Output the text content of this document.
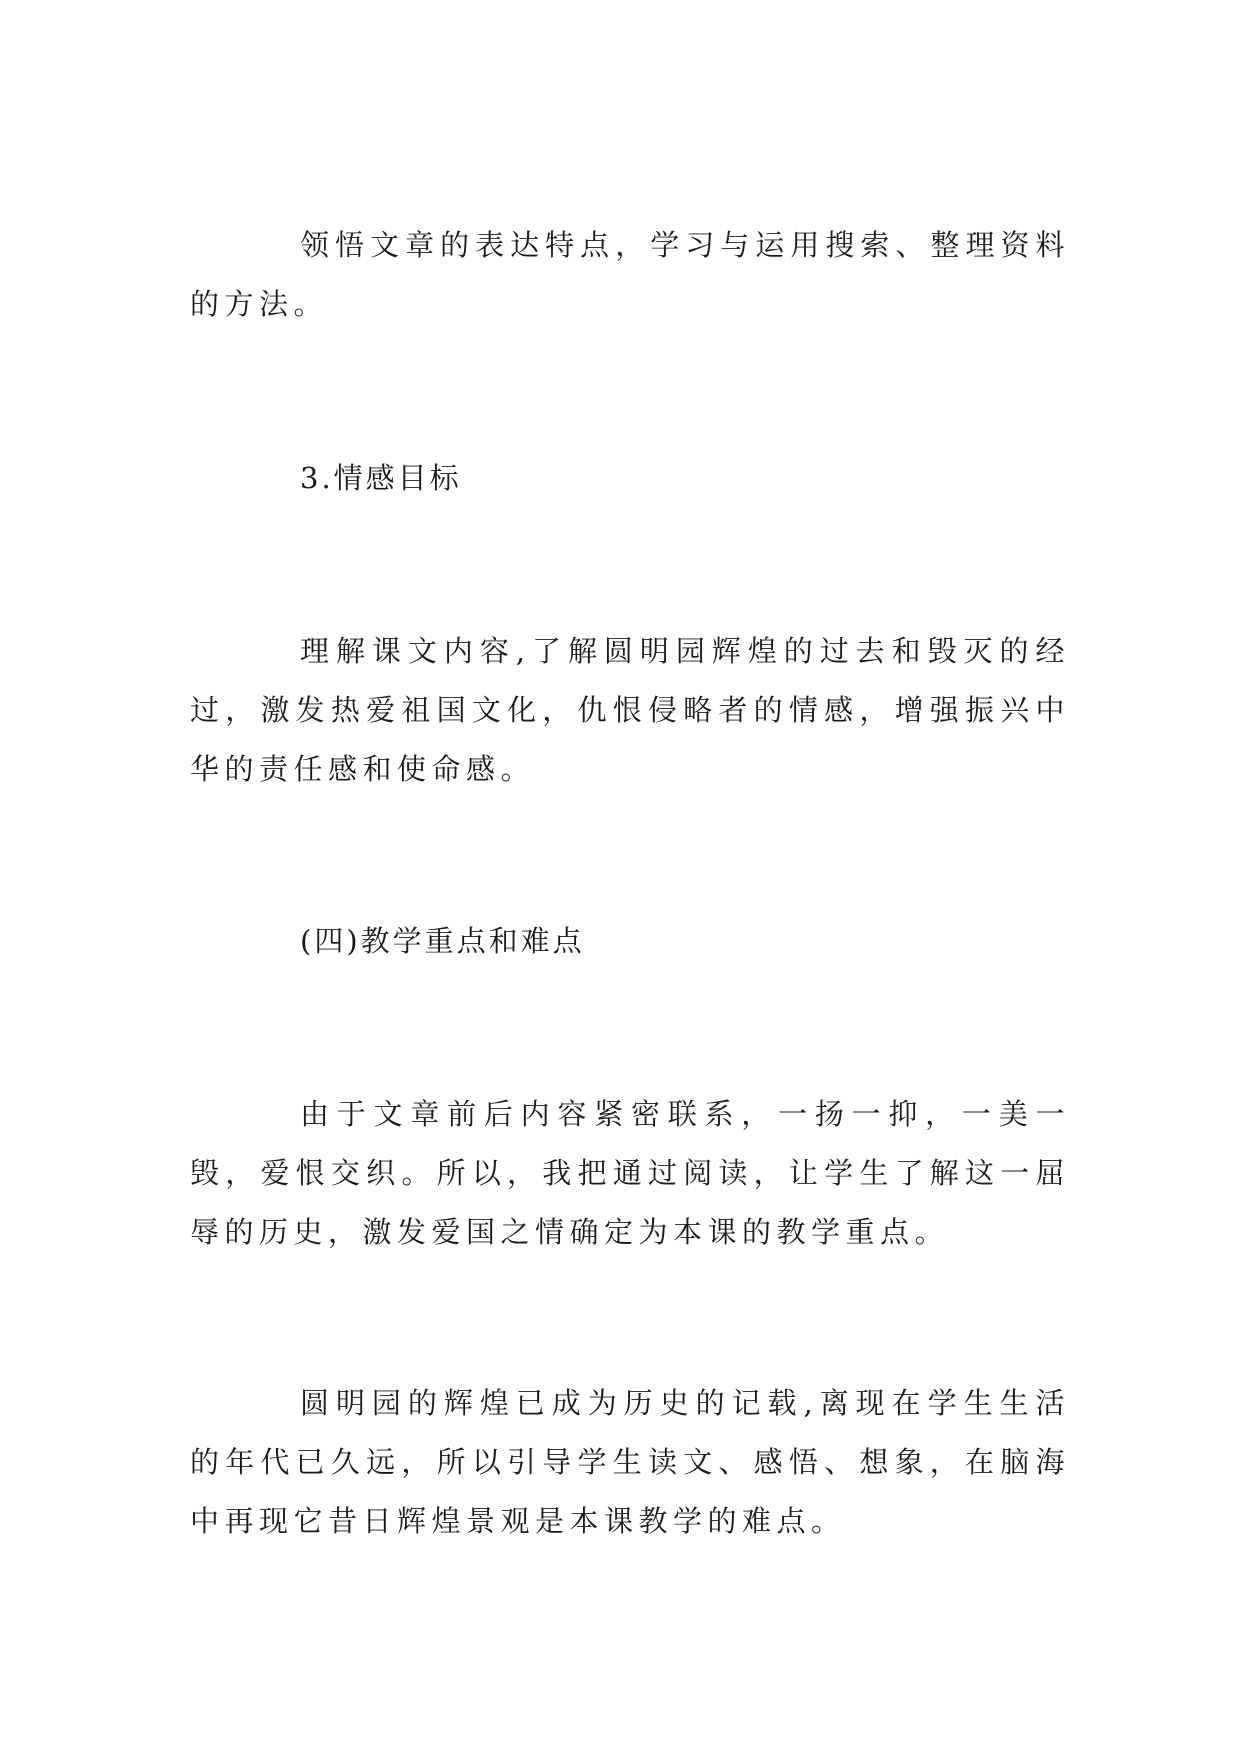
领悟文章的表达特点，学习与运用搜索、整理资料的方法。

3.情感目标

理解课文内容,了解圆明园辉煌的过去和毁灭的经过，激发热爱祖国文化，仇恨侵略者的情感，增强振兴中华的责任感和使命感。

(四)教学重点和难点

由于文章前后内容紧密联系，一扬一抑，一美一毁，爱恨交织。所以，我把通过阅读，让学生了解这一屈辱的历史，激发爱国之情确定为本课的教学重点。

圆明园的辉煌已成为历史的记载,离现在学生生活的年代已久远，所以引导学生读文、感悟、想象，在脑海中再现它昔日辉煌景观是本课教学的难点。
